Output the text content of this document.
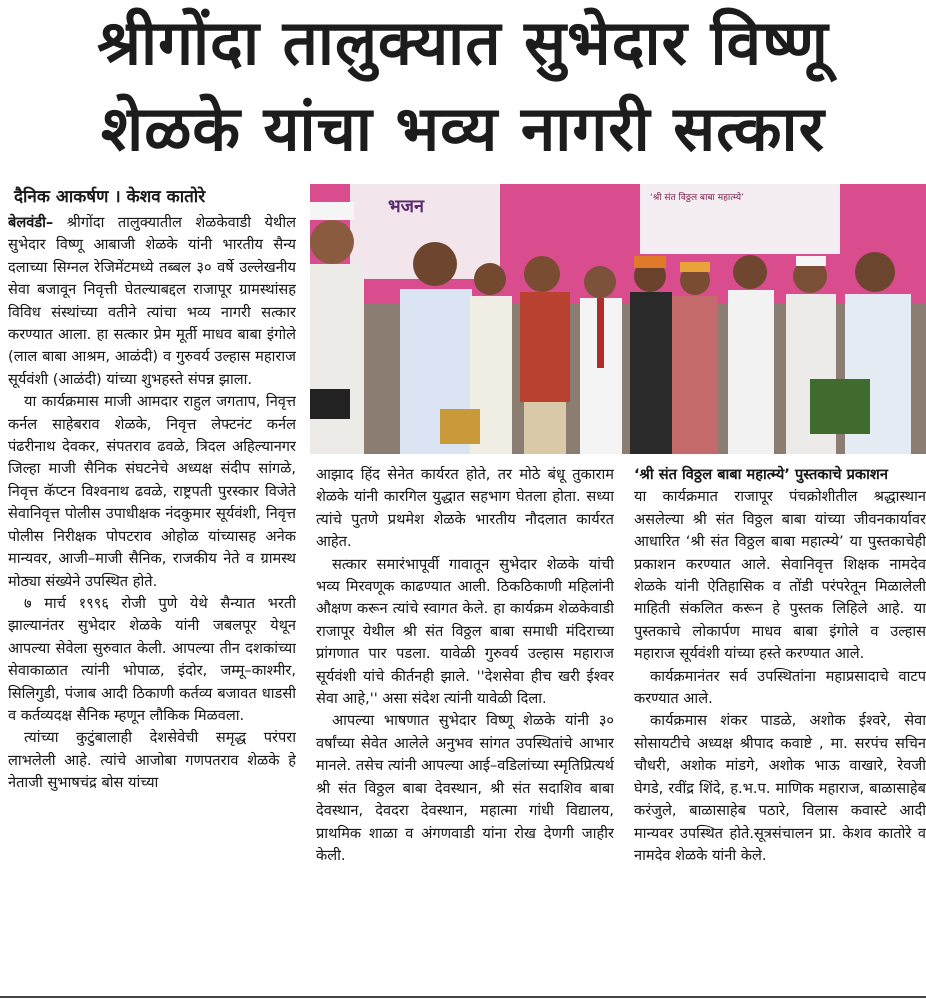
श्रीगोंदा तालुक्यात सुभेदार विष्णू
शेळके यांचा भव्य नागरी सत्कार
दैनिक आकर्षण । केशव कातोरे

बेलवंडी– श्रीगोंदा तालुक्यातील शेळकेवाडी येथील सुभेदार विष्णू आबाजी शेळके यांनी भारतीय सैन्य दलाच्या सिग्नल रेजिमेंटमध्ये तब्बल ३० वर्षे उल्लेखनीय सेवा बजावून निवृत्ती घेतल्याबद्दल राजापूर ग्रामस्थांसह विविध संस्थांच्या वतीने त्यांचा भव्य नागरी सत्कार करण्यात आला. हा सत्कार प्रेम मूर्ती माधव बाबा इंगोले (लाल बाबा आश्रम, आळंदी) व गुरुवर्य उल्हास महाराज सूर्यवंशी (आळंदी) यांच्या शुभहस्ते संपन्न झाला.

या कार्यक्रमास माजी आमदार राहुल जगताप, निवृत्त कर्नल साहेबराव शेळके, निवृत्त लेफ्टनंट कर्नल पंढरीनाथ देवकर, संपतराव ढवळे, त्रिदल अहिल्यानगर जिल्हा माजी सैनिक संघटनेचे अध्यक्ष संदीप सांगळे, निवृत्त कॅप्टन विश्वनाथ ढवळे, राष्ट्रपती पुरस्कार विजेते सेवानिवृत्त पोलीस उपाधीक्षक नंदकुमार सूर्यवंशी, निवृत्त पोलीस निरीक्षक पोपटराव ओहोळ यांच्यासह अनेक मान्यवर, आजी–माजी सैनिक, राजकीय नेते व ग्रामस्थ मोठ्या संख्येने उपस्थित होते.

७ मार्च १९९६ रोजी पुणे येथे सैन्यात भरती झाल्यानंतर सुभेदार शेळके यांनी जबलपूर येथून आपल्या सेवेला सुरुवात केली. आपल्या तीन दशकांच्या सेवाकाळात त्यांनी भोपाळ, इंदोर, जम्मू–काश्मीर, सिलिगुडी, पंजाब आदी ठिकाणी कर्तव्य बजावत धाडसी व कर्तव्यदक्ष सैनिक म्हणून लौकिक मिळवला.

त्यांच्या कुटुंबालाही देशसेवेची समृद्ध परंपरा लाभलेली आहे. त्यांचे आजोबा गणपतराव शेळके हे नेताजी सुभाषचंद्र बोस यांच्या

भजन	‘श्री संत विठ्ठल बाबा महात्म्ये’

आझाद हिंद सेनेत कार्यरत होते, तर मोठे बंधू तुकाराम शेळके यांनी कारगिल युद्धात सहभाग घेतला होता. सध्या त्यांचे पुतणे प्रथमेश शेळके भारतीय नौदलात कार्यरत आहेत.

सत्कार समारंभापूर्वी गावातून सुभेदार शेळके यांची भव्य मिरवणूक काढण्यात आली. ठिकठिकाणी महिलांनी औक्षण करून त्यांचे स्वागत केले. हा कार्यक्रम शेळकेवाडी राजापूर येथील श्री संत विठ्ठल बाबा समाधी मंदिराच्या प्रांगणात पार पडला. यावेळी गुरुवर्य उल्हास महाराज सूर्यवंशी यांचे कीर्तनही झाले. ''देशसेवा हीच खरी ईश्वर सेवा आहे,'' असा संदेश त्यांनी यावेळी दिला.

आपल्या भाषणात सुभेदार विष्णू शेळके यांनी ३० वर्षांच्या सेवेत आलेले अनुभव सांगत उपस्थितांचे आभार मानले. तसेच त्यांनी आपल्या आई–वडिलांच्या स्मृतिप्रित्यर्थ श्री संत विठ्ठल बाबा देवस्थान, श्री संत सदाशिव बाबा देवस्थान, देवदरा देवस्थान, महात्मा गांधी विद्यालय, प्राथमिक शाळा व अंगणवाडी यांना रोख देणगी जाहीर केली.

‘श्री संत विठ्ठल बाबा महात्म्ये’ पुस्तकाचे प्रकाशन

या कार्यक्रमात राजापूर पंचक्रोशीतील श्रद्धास्थान असलेल्या श्री संत विठ्ठल बाबा यांच्या जीवनकार्यावर आधारित ‘श्री संत विठ्ठल बाबा महात्म्ये’ या पुस्तकाचेही प्रकाशन करण्यात आले. सेवानिवृत्त शिक्षक नामदेव शेळके यांनी ऐतिहासिक व तोंडी परंपरेतून मिळालेली माहिती संकलित करून हे पुस्तक लिहिले आहे. या पुस्तकाचे लोकार्पण माधव बाबा इंगोले व उल्हास महाराज सूर्यवंशी यांच्या हस्ते करण्यात आले.

कार्यक्रमानंतर सर्व उपस्थितांना महाप्रसादाचे वाटप करण्यात आले.

कार्यक्रमास शंकर पाडळे, अशोक ईश्वरे, सेवा सोसायटीचे अध्यक्ष श्रीपाद कवाष्टे , मा. सरपंच सचिन चौधरी, अशोक मांडगे, अशोक भाऊ वाखारे, रेवजी घेगडे, रवींद्र शिंदे, ह.भ.प. माणिक महाराज, बाळासाहेब करंजुले, बाळासाहेब पठारे, विलास कवास्टे आदी मान्यवर उपस्थित होते.सूत्रसंचालन प्रा. केशव कातोरे व नामदेव शेळके यांनी केले.
